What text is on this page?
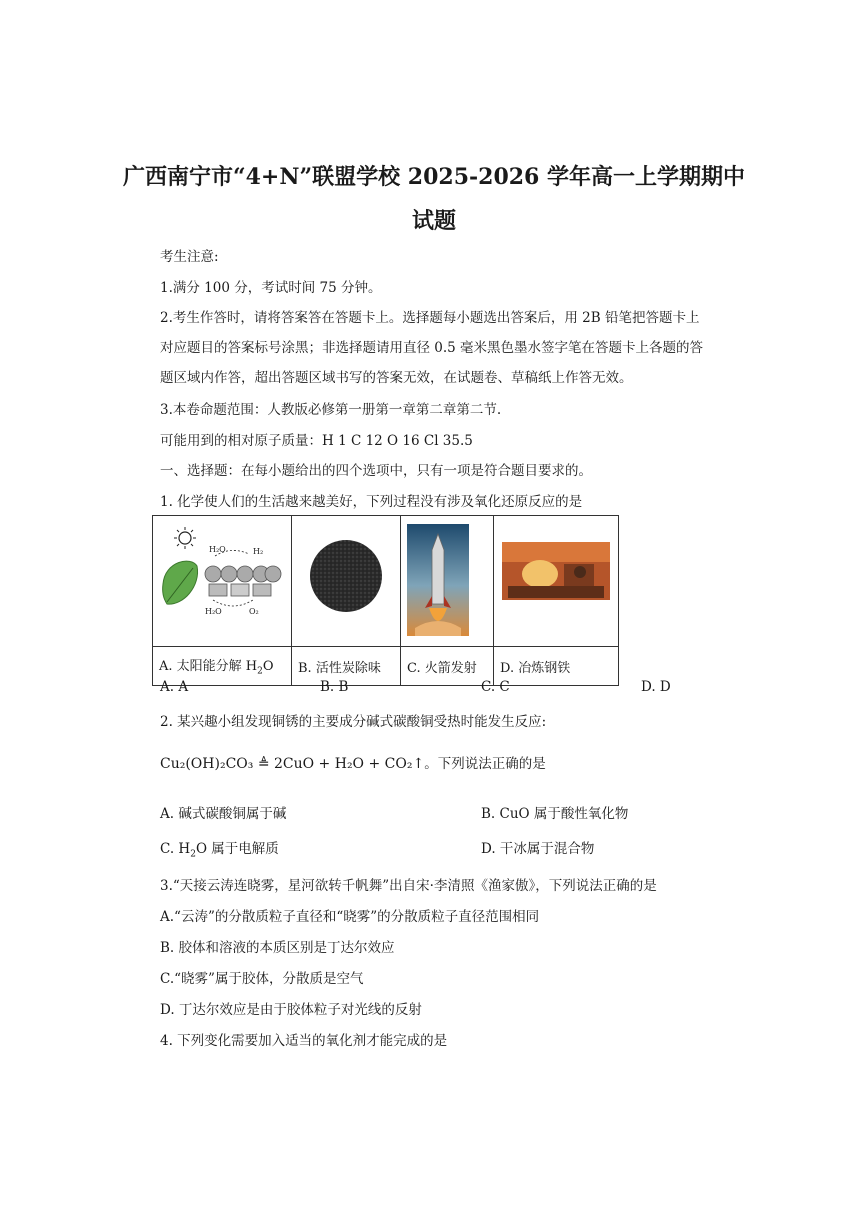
广西南宁市“4+N”联盟学校 2025-2026 学年高一上学期期中
试题
考生注意:
1.满分 100 分，考试时间 75 分钟。
2.考生作答时，请将答案答在答题卡上。选择题每小题选出答案后，用 2B 铅笔把答题卡上
对应题目的答案标号涂黑；非选择题请用直径 0.5 毫米黑色墨水签字笔在答题卡上各题的答
题区域内作答，超出答题区域书写的答案无效，在试题卷、草稿纸上作答无效。
3.本卷命题范围：人教版必修第一册第一章第二章第二节.
可能用到的相对原子质量：H 1 C 12 O 16 Cl 35.5
一、选择题：在每小题给出的四个选项中，只有一项是符合题目要求的。
1. 化学使人们的生活越来越美好，下列过程没有涉及氧化还原反应的是
H₂O H₂
H₂O O₂

A. 太阳能分解 $H_2O$	B. 活性炭除味	C. 火箭发射	D. 冶炼钢铁
A. A	B. B	C. C	D. D
2. 某兴趣小组发现铜锈的主要成分碱式碳酸铜受热时能发生反应:
Cu₂(OH)₂CO₃ ≜ 2CuO + H₂O + CO₂↑。下列说法正确的是
A. 碱式碳酸铜属于碱	B. CuO 属于酸性氧化物
C. $H_2O$ 属于电解质	D. 干冰属于混合物
3.“天接云涛连晓雾，星河欲转千帆舞”出自宋·李清照《渔家傲》，下列说法正确的是
A.“云涛”的分散质粒子直径和“晓雾”的分散质粒子直径范围相同
B. 胶体和溶液的本质区别是丁达尔效应
C.“晓雾”属于胶体，分散质是空气
D. 丁达尔效应是由于胶体粒子对光线的反射
4. 下列变化需要加入适当的氧化剂才能完成的是
